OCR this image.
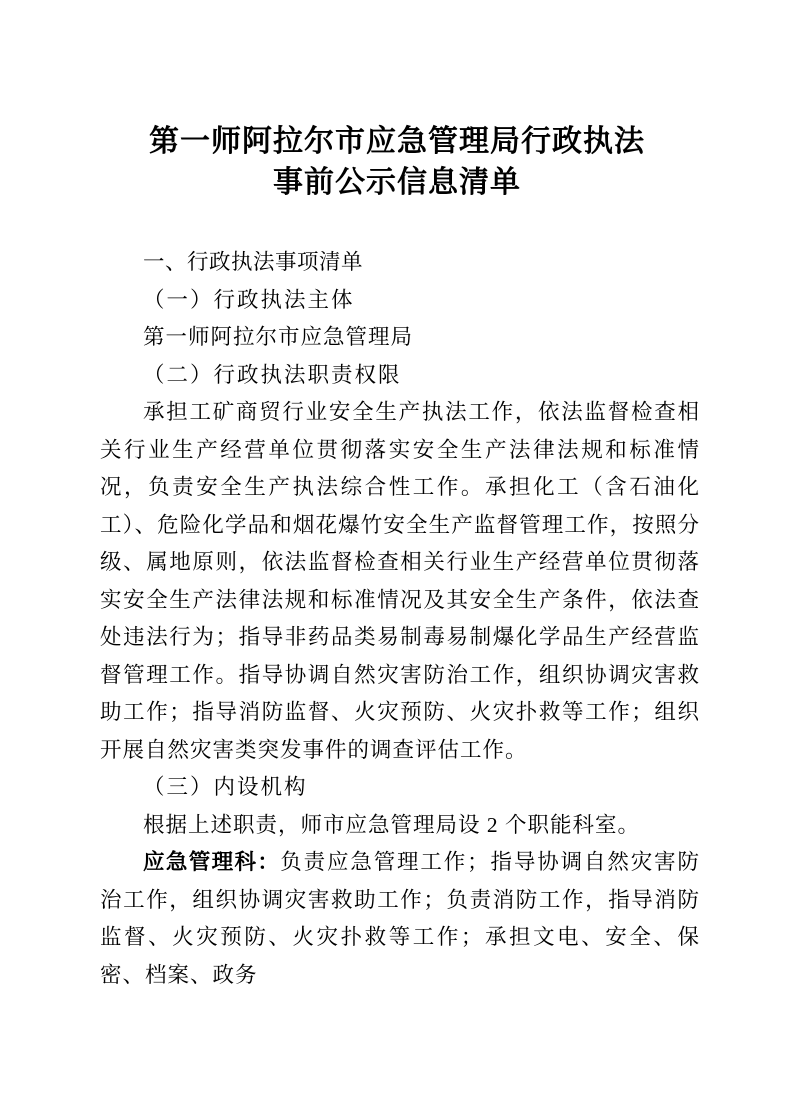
第一师阿拉尔市应急管理局行政执法
事前公示信息清单
一、行政执法事项清单
（一）行政执法主体

第一师阿拉尔市应急管理局

（二）行政执法职责权限

承担工矿商贸行业安全生产执法工作，依法监督检查相关行业生产经营单位贯彻落实安全生产法律法规和标准情况，负责安全生产执法综合性工作。承担化工（含石油化工）、危险化学品和烟花爆竹安全生产监督管理工作，按照分级、属地原则，依法监督检查相关行业生产经营单位贯彻落实安全生产法律法规和标准情况及其安全生产条件，依法查处违法行为；指导非药品类易制毒易制爆化学品生产经营监督管理工作。指导协调自然灾害防治工作，组织协调灾害救助工作；指导消防监督、火灾预防、火灾扑救等工作；组织开展自然灾害类突发事件的调查评估工作。

（三）内设机构

根据上述职责，师市应急管理局设 2 个职能科室。

应急管理科：负责应急管理工作；指导协调自然灾害防治工作，组织协调灾害救助工作；负责消防工作，指导消防监督、火灾预防、火灾扑救等工作；承担文电、安全、保密、档案、政务
